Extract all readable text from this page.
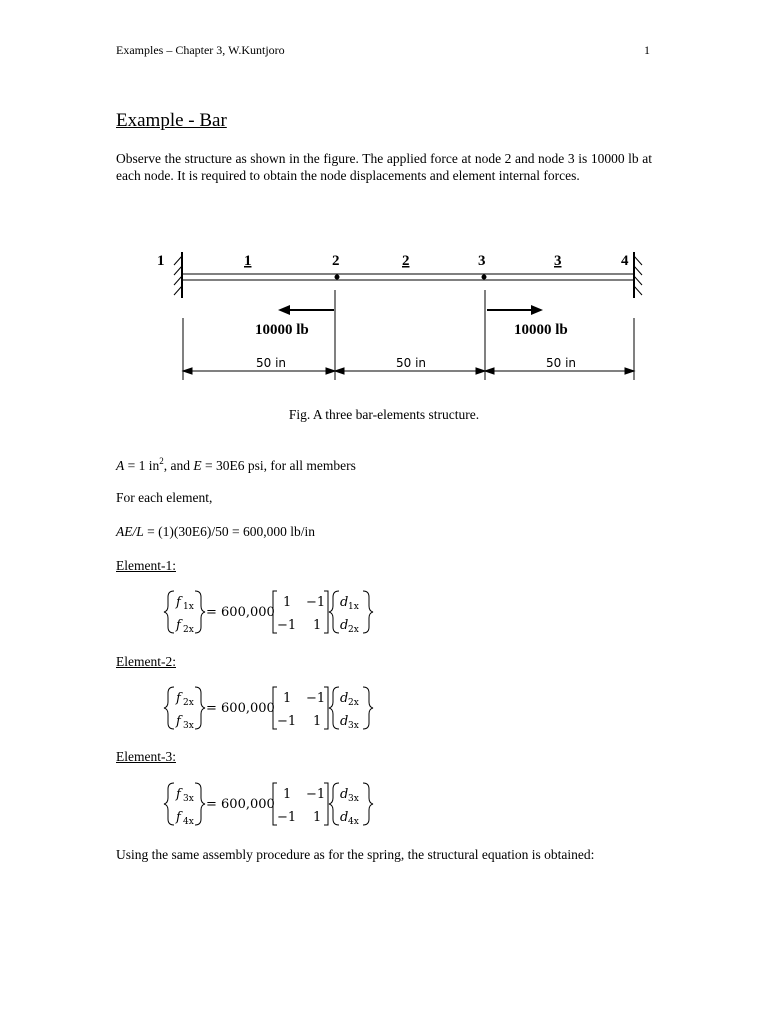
Examples – Chapter 3, W.Kuntjoro	1
Example - Bar
Observe the structure as shown in the figure. The applied force at node 2 and node 3 is 10000 lb at each node. It is required to obtain the node displacements and element internal forces.
1	2	3	4
1	2	3
10000 lb	10000 lb
50 in	50 in	50 in
Fig. A three bar-elements structure.
A = 1 $in^2$, and E = 30E6 psi, for all members
For each element,
AE/L = (1)(30E6)/50 = 600,000 lb/in
Element-1:
f 1x
f 2x
= 600,000
1 −1
−1 1
d 1x
d 2x
Element-2:
f 2x
f 3x
= 600,000
1 −1
−1 1
d 2x
d 3x
Element-3:
f 3x
f 4x
= 600,000
1 −1
−1 1
d 3x
d 4x
Using the same assembly procedure as for the spring, the structural equation is obtained:
